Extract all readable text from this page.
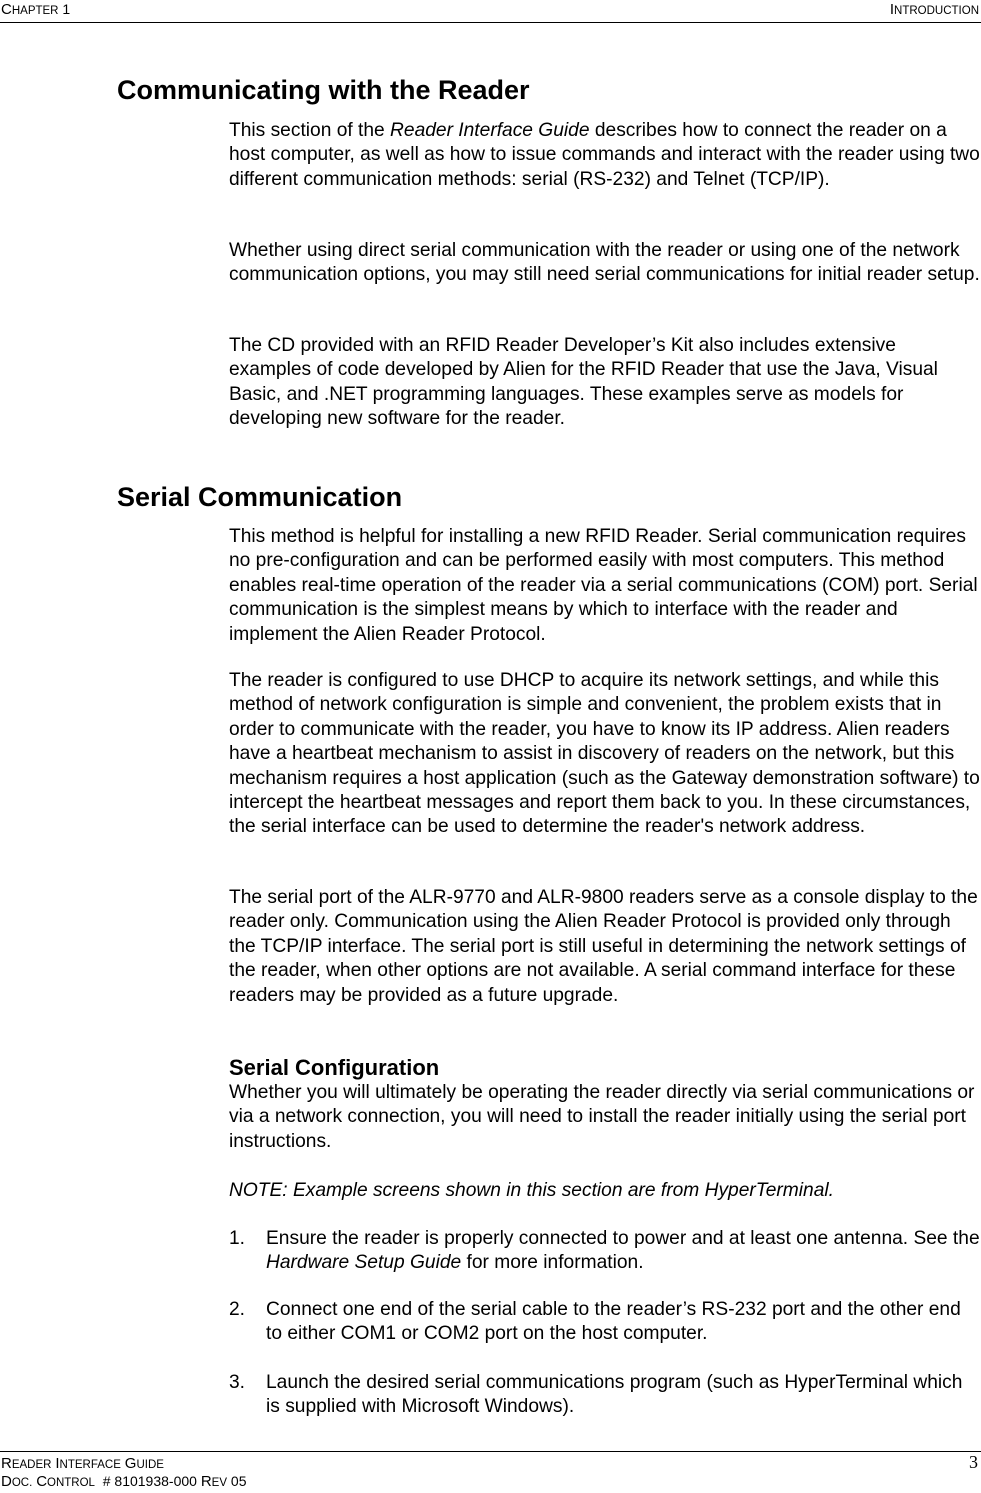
CHAPTER 1	INTRODUCTION
Communicating with the Reader
This section of the Reader Interface Guide describes how to connect the reader on a host computer, as well as how to issue commands and interact with the reader using two different communication methods: serial (RS-232) and Telnet (TCP/IP).
Whether using direct serial communication with the reader or using one of the network communication options, you may still need serial communications for initial reader setup.
The CD provided with an RFID Reader Developer’s Kit also includes extensive examples of code developed by Alien for the RFID Reader that use the Java, Visual Basic, and .NET programming languages. These examples serve as models for developing new software for the reader.
Serial Communication
This method is helpful for installing a new RFID Reader. Serial communication requires no pre-configuration and can be performed easily with most computers. This method enables real-time operation of the reader via a serial communications (COM) port. Serial communication is the simplest means by which to interface with the reader and implement the Alien Reader Protocol.
The reader is configured to use DHCP to acquire its network settings, and while this method of network configuration is simple and convenient, the problem exists that in order to communicate with the reader, you have to know its IP address. Alien readers have a heartbeat mechanism to assist in discovery of readers on the network, but this mechanism requires a host application (such as the Gateway demonstration software) to intercept the heartbeat messages and report them back to you. In these circumstances, the serial interface can be used to determine the reader's network address.
The serial port of the ALR-9770 and ALR-9800 readers serve as a console display to the reader only. Communication using the Alien Reader Protocol is provided only through the TCP/IP interface. The serial port is still useful in determining the network settings of the reader, when other options are not available. A serial command interface for these readers may be provided as a future upgrade.
Serial Configuration
Whether you will ultimately be operating the reader directly via serial communications or via a network connection, you will need to install the reader initially using the serial port instructions.
NOTE: Example screens shown in this section are from HyperTerminal.
1. Ensure the reader is properly connected to power and at least one antenna. See the Hardware Setup Guide for more information.
2. Connect one end of the serial cable to the reader’s RS-232 port and the other end to either COM1 or COM2 port on the host computer.
3. Launch the desired serial communications program (such as HyperTerminal which is supplied with Microsoft Windows).
READER INTERFACE GUIDE
DOC. CONTROL # 8101938-000 REV 05
3
